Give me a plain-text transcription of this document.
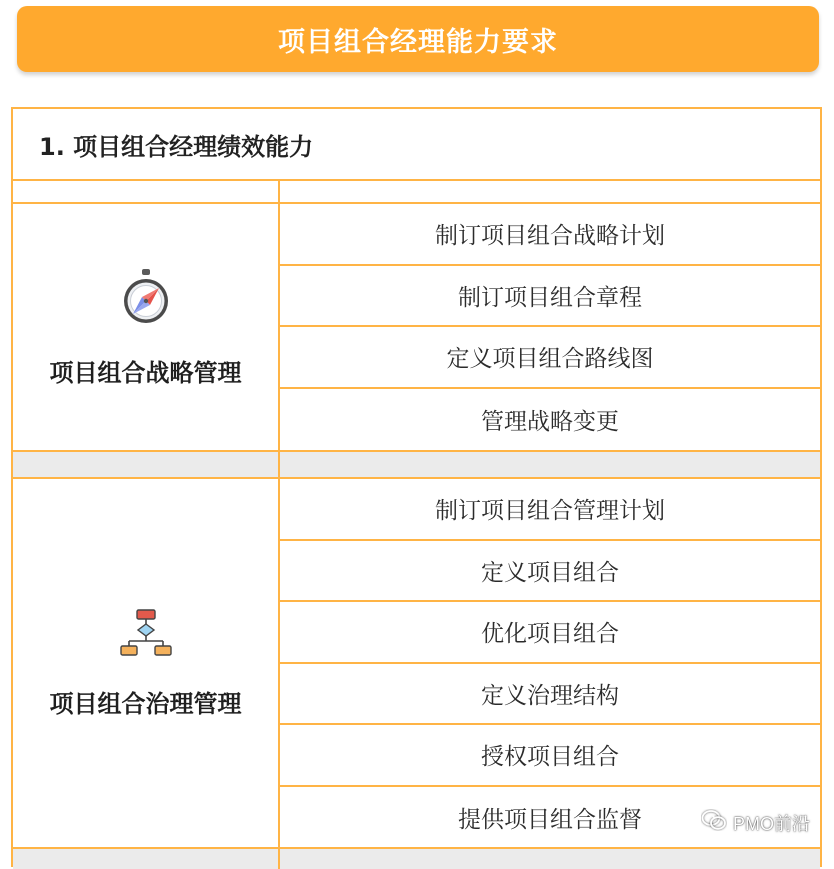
项目组合经理能力要求
1. 项目组合经理绩效能力
项目组合战略管理
制订项目组合战略计划
制订项目组合章程
定义项目组合路线图
管理战略变更
项目组合治理管理
制订项目组合管理计划
定义项目组合
优化项目组合
定义治理结构
授权项目组合
提供项目组合监督	PMO前沿
